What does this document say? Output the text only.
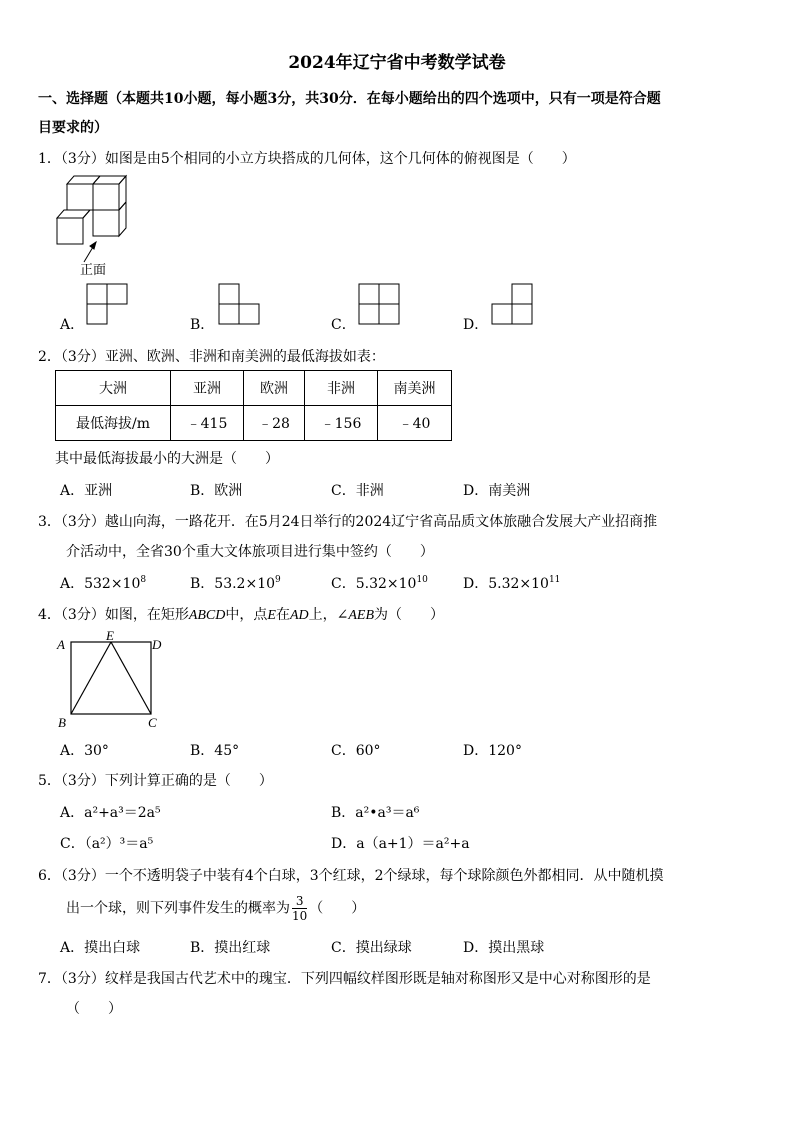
2024年辽宁省中考数学试卷
一、选择题（本题共10小题，每小题3分，共30分．在每小题给出的四个选项中，只有一项是符合题
目要求的）
1．（3分）如图是由5个相同的小立方块搭成的几何体，这个几何体的俯视图是（　　）
正面
A．	B．	C．	D．
2．（3分）亚洲、欧洲、非洲和南美洲的最低海拔如表：
大洲	亚洲	欧洲	非洲	南美洲
最低海拔/m	﹣415	﹣28	﹣156	﹣40
其中最低海拔最小的大洲是（　　）
A．亚洲	B．欧洲	C．非洲	D．南美洲
3．（3分）越山向海，一路花开．在5月24日举行的2024辽宁省高品质文体旅融合发展大产业招商推
介活动中，全省30个重大文体旅项目进行集中签约（　　）
A．$532\times 10^8$	B．$53.2\times 10^9$	C．$5.32\times 10^{10}$	D．$5.32\times 10^{11}$
4．（3分）如图，在矩形ABCD中，点E在AD上，∠AEB为（　　）
A
E
D
B	C
A．30°	B．45°	C．60°	D．120°
5．（3分）下列计算正确的是（　　）
A．a²+a³＝2a⁵	B．a²•a³＝a⁶
C．（a²）³＝a⁵	D．a（a+1）＝a²+a
6．（3分）一个不透明袋子中装有4个白球，3个红球，2个绿球，每个球除颜色外都相同．从中随机摸
出一个球，则下列事件发生的概率为 $\frac{3}{10}$ （　　）
A．摸出白球	B．摸出红球	C．摸出绿球	D．摸出黑球
7．（3分）纹样是我国古代艺术中的瑰宝．下列四幅纹样图形既是轴对称图形又是中心对称图形的是
（　　）
